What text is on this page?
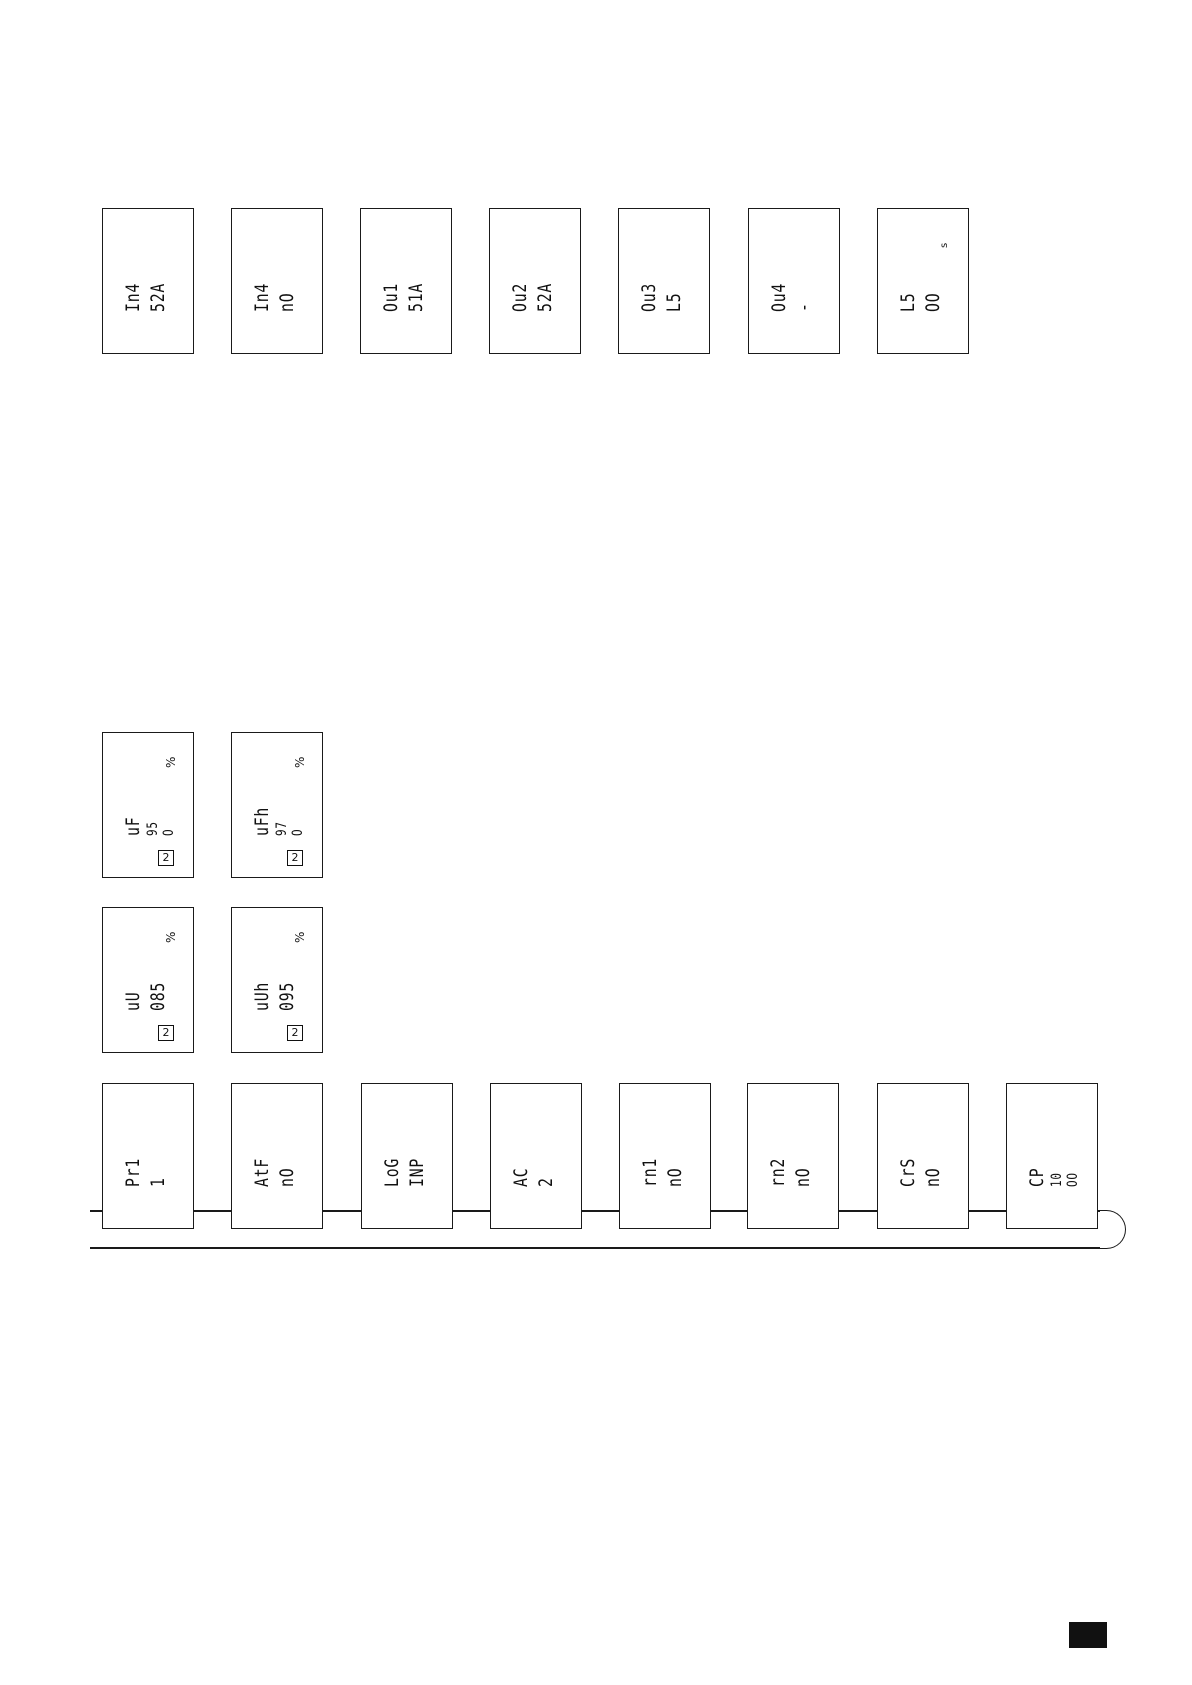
In4 52A	In4 nO	Ou1 51A	Ou2 52A	Ou3 L5	Ou4 -	L5 OO
s
2
uF 95 O
%
2
uFh 97 O
%
2
uU 085
%
2
uUh 095
%
Pr1 1	AtF nO	LoG INP	AC 2	rn1 nO	rn2 nO	CrS nO	CP 10 OO
